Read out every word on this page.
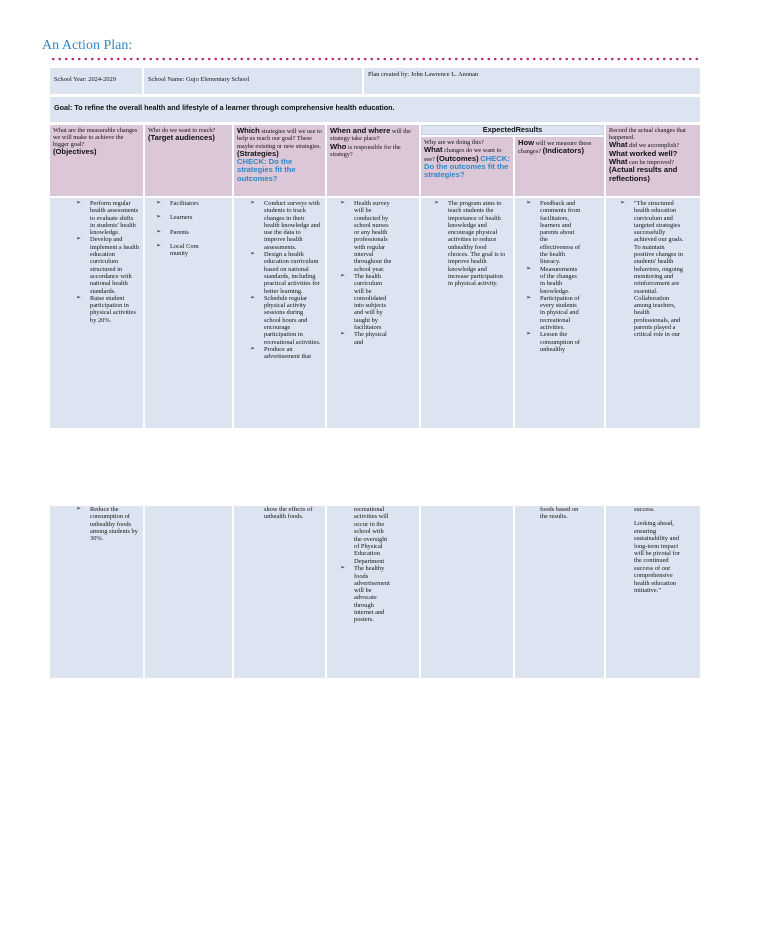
An Action Plan:
School Year: 2024-2029	School Name: Gujo Elementary School
Plan created by: John Lawrence L. Anonan
Goal: To refine the overall health and lifestyle of a learner through comprehensive health education.
What are the measurable changes we will make to achieve the bigger goal?
(Objectives)
Who do we want to reach?
(Target audiences)
Which strategies will we use to help us reach our goal? These maybe existing or new strategies.
(Strategies)
CHECK: Do the strategies fit the outcomes?
When and where will the strategy take place?
Who is responsible for the strategy?
ExpectedResults
Why are we doing this?
What changes do we want to see? (Outcomes) CHECK: Do the outcomes fit the strategies?
How will we measure these changes? (Indicators)
Record the actual changes that happened.
What did we accomplish?
What worked well?
What can be improved?
(Actual results and reflections)
➢ Perform regular health assessments to evaluate shifts in students' health knowledge.
➢ Develop and implement a health education curriculum structured in accordance with national health standards.
➢ Raise student participation in physical activities by 20%.
➢ Facilitators
➢ Learners
➢ Parents
➢ Local Community
➢ Conduct surveys with students to track changes in their health knowledge and use the data to improve health assessments.
➢ Design a health education curriculum based on national standards, including practical activities for better learning.
➢ Schedule regular physical activity sessions during school hours and encourage participation in recreational activities.
➢ Produce an advertisement that
➢ Health survey will be conducted by school nurses or any health professionals with regular interval throughout the school year.
➢ The health curriculum will be consolidated into subjects and will by taught by facilitators
➢ The physical and
➢ The program aims to teach students the importance of health knowledge and encourage physical activities to reduce unhealthy food choices. The goal is to improve health knowledge and increase participation in physical activity.
➢ Feedback and comments from facilitators, learners and parents about the effectiveness of the health literacy.
➢ Measurements of the changes in health knowledge.
➢ Participation of every students in physical and recreational activities.
➢ Lessen the consumption of unhealthy
➢ "The structured health education curriculum and targeted strategies successfully achieved our goals. To maintain positive changes in students' health behaviors, ongoing monitoring and reinforcement are essential. Collaboration among teachers, health professionals, and parents played a critical role in our
➢ Reduce the consumption of unhealthy foods among students by 30%.
show the effects of unhealth foods.
recreational activities will occur in the school with the oversight of Physical Education Department
➢ The healthy foods advertisement will be advocate through internet and posters.
foods based on the results.
success.
Looking ahead, ensuring sustainability and long-term impact will be pivotal for the continued success of our comprehensive health education initiative."
